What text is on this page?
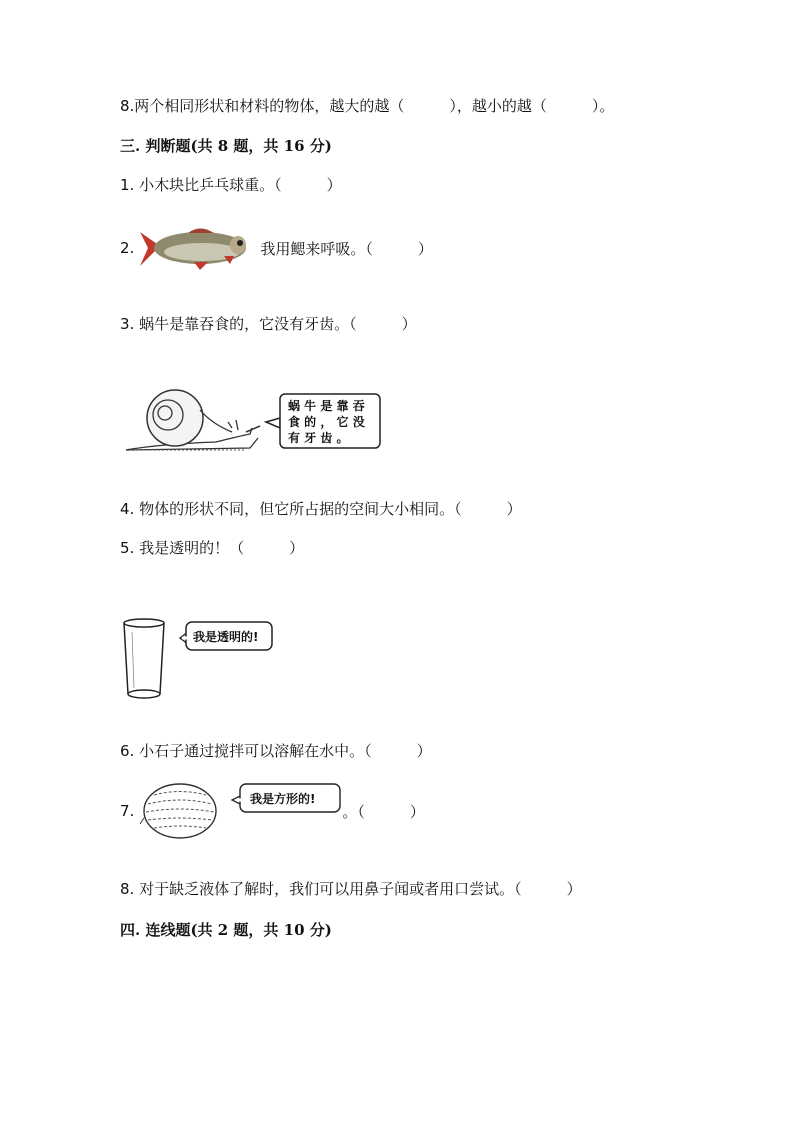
8.两个相同形状和材料的物体，越大的越（　　　），越小的越（　　　）。
三. 判断题(共 8 题，共 16 分)
1. 小木块比乒乓球重。（　　　）
2.	我用鳃来呼吸。（　　　）
3. 蜗牛是靠吞食的，它没有牙齿。（　　　）
蜗 牛 是 靠 吞
食 的 ， 它 没
有 牙 齿 。
4. 物体的形状不同，但它所占据的空间大小相同。（　　　）
5. 我是透明的！（　　　）
我是透明的!
6. 小石子通过搅拌可以溶解在水中。（　　　）
7.
我是方形的!
。（　　　）
8. 对于缺乏液体了解时，我们可以用鼻子闻或者用口尝试。（　　　）
四. 连线题(共 2 题，共 10 分)
